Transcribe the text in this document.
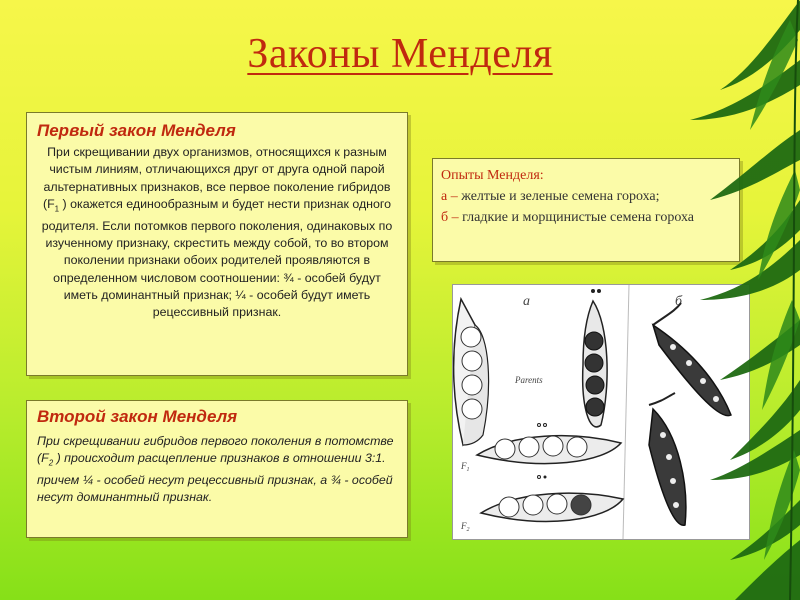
Законы Менделя
Первый закон Менделя
При скрещивании двух организмов, относящихся к разным чистым линиям, отличающихся друг от друга одной парой альтернативных признаков, все первое поколение гибридов ($F_1$ ) окажется единообразным и будет нести признак одного родителя. Если потомков первого поколения, одинаковых по изученному признаку, скрестить между собой, то во втором поколении признаки обоих родителей проявляются в определенном числовом соотношении: ¾ - особей будут иметь доминантный признак; ¼ - особей будут иметь рецессивный признак.
Второй закон Менделя
При скрещивании гибридов первого поколения в потомстве ($F_2$ ) происходит расщепление признаков в отношении 3:1. причем ¼ - особей несут рецессивный признак, а ¾ - особей несут доминантный признак.
Опыты Менделя:
а – желтые и зеленые семена гороха;
б – гладкие и морщинистые семена гороха
а	б
Parents
$F_1$
$F_2$
